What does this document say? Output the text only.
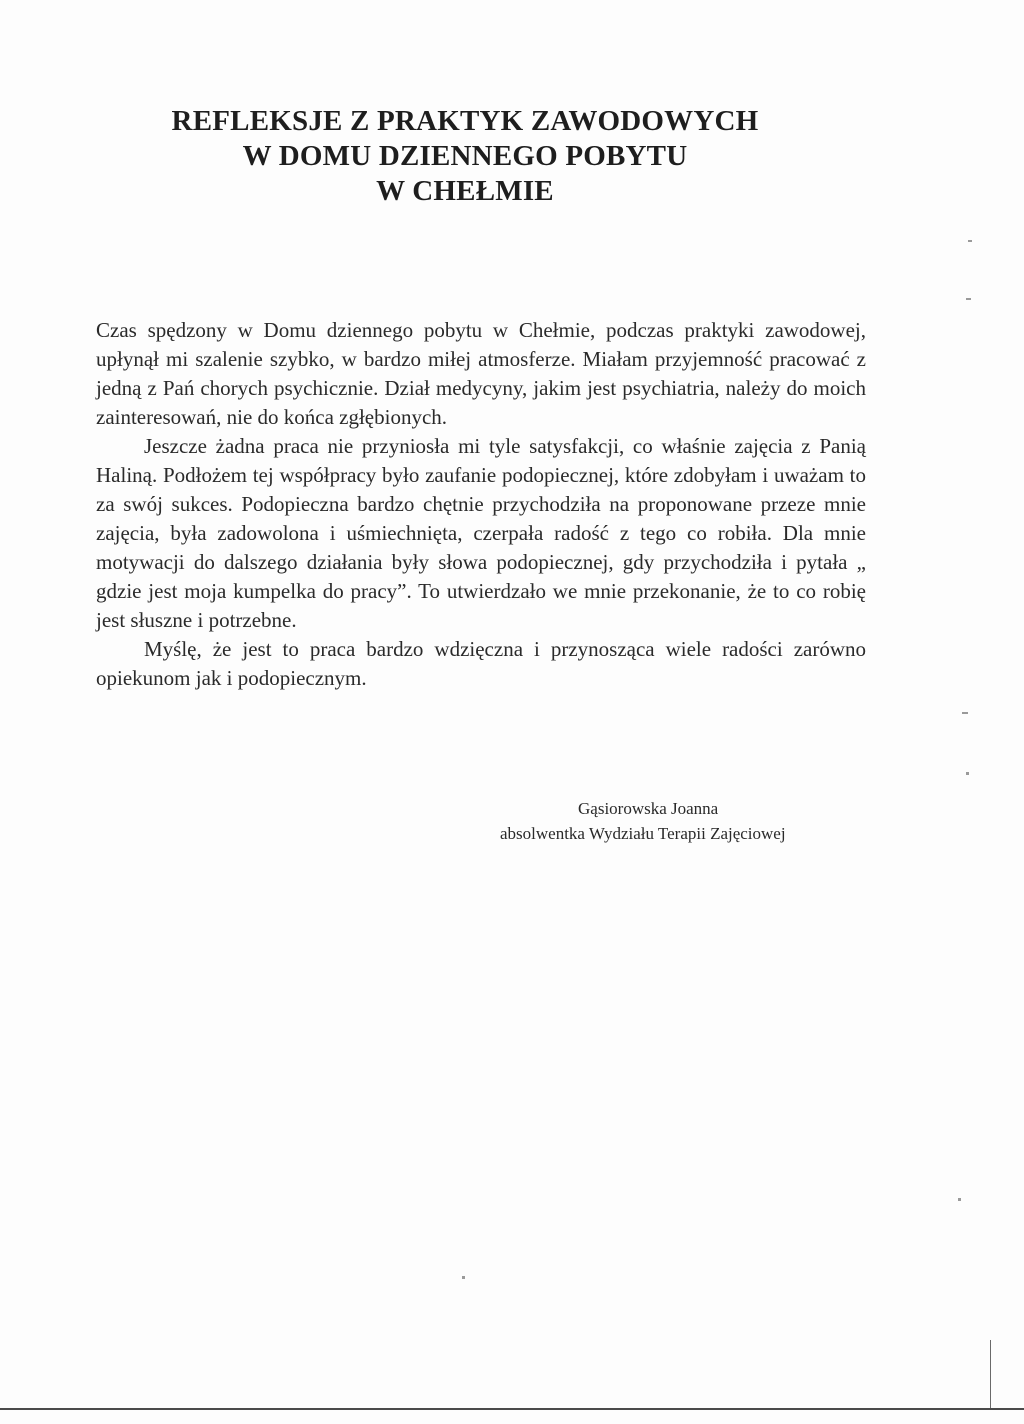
REFLEKSJE Z PRAKTYK ZAWODOWYCH
W DOMU DZIENNEGO POBYTU
W CHEŁMIE

Czas spędzony w Domu dziennego pobytu w Chełmie, podczas praktyki zawodowej, upłynął mi szalenie szybko, w bardzo miłej atmosferze. Miałam przyjemność pracować z jedną z Pań chorych psychicznie. Dział medycyny, jakim jest psychiatria, należy do moich zainteresowań, nie do końca zgłębionych.

Jeszcze żadna praca nie przyniosła mi tyle satysfakcji, co właśnie zajęcia z Panią Haliną. Podłożem tej współpracy było zaufanie podopiecznej, które zdobyłam i uważam to za swój sukces. Podopieczna bardzo chętnie przychodziła na proponowane przeze mnie zajęcia, była zadowolona i uśmiechnięta, czerpała radość z tego co robiła. Dla mnie motywacji do dalszego działania były słowa podopiecznej, gdy przychodziła i pytała „ gdzie jest moja kumpelka do pracy”. To utwierdzało we mnie przekonanie, że to co robię jest słuszne i potrzebne.

Myślę, że jest to praca bardzo wdzięczna i przynosząca wiele radości zarówno opiekunom jak i podopiecznym.

Gąsiorowska Joanna
absolwentka Wydziału Terapii Zajęciowej
